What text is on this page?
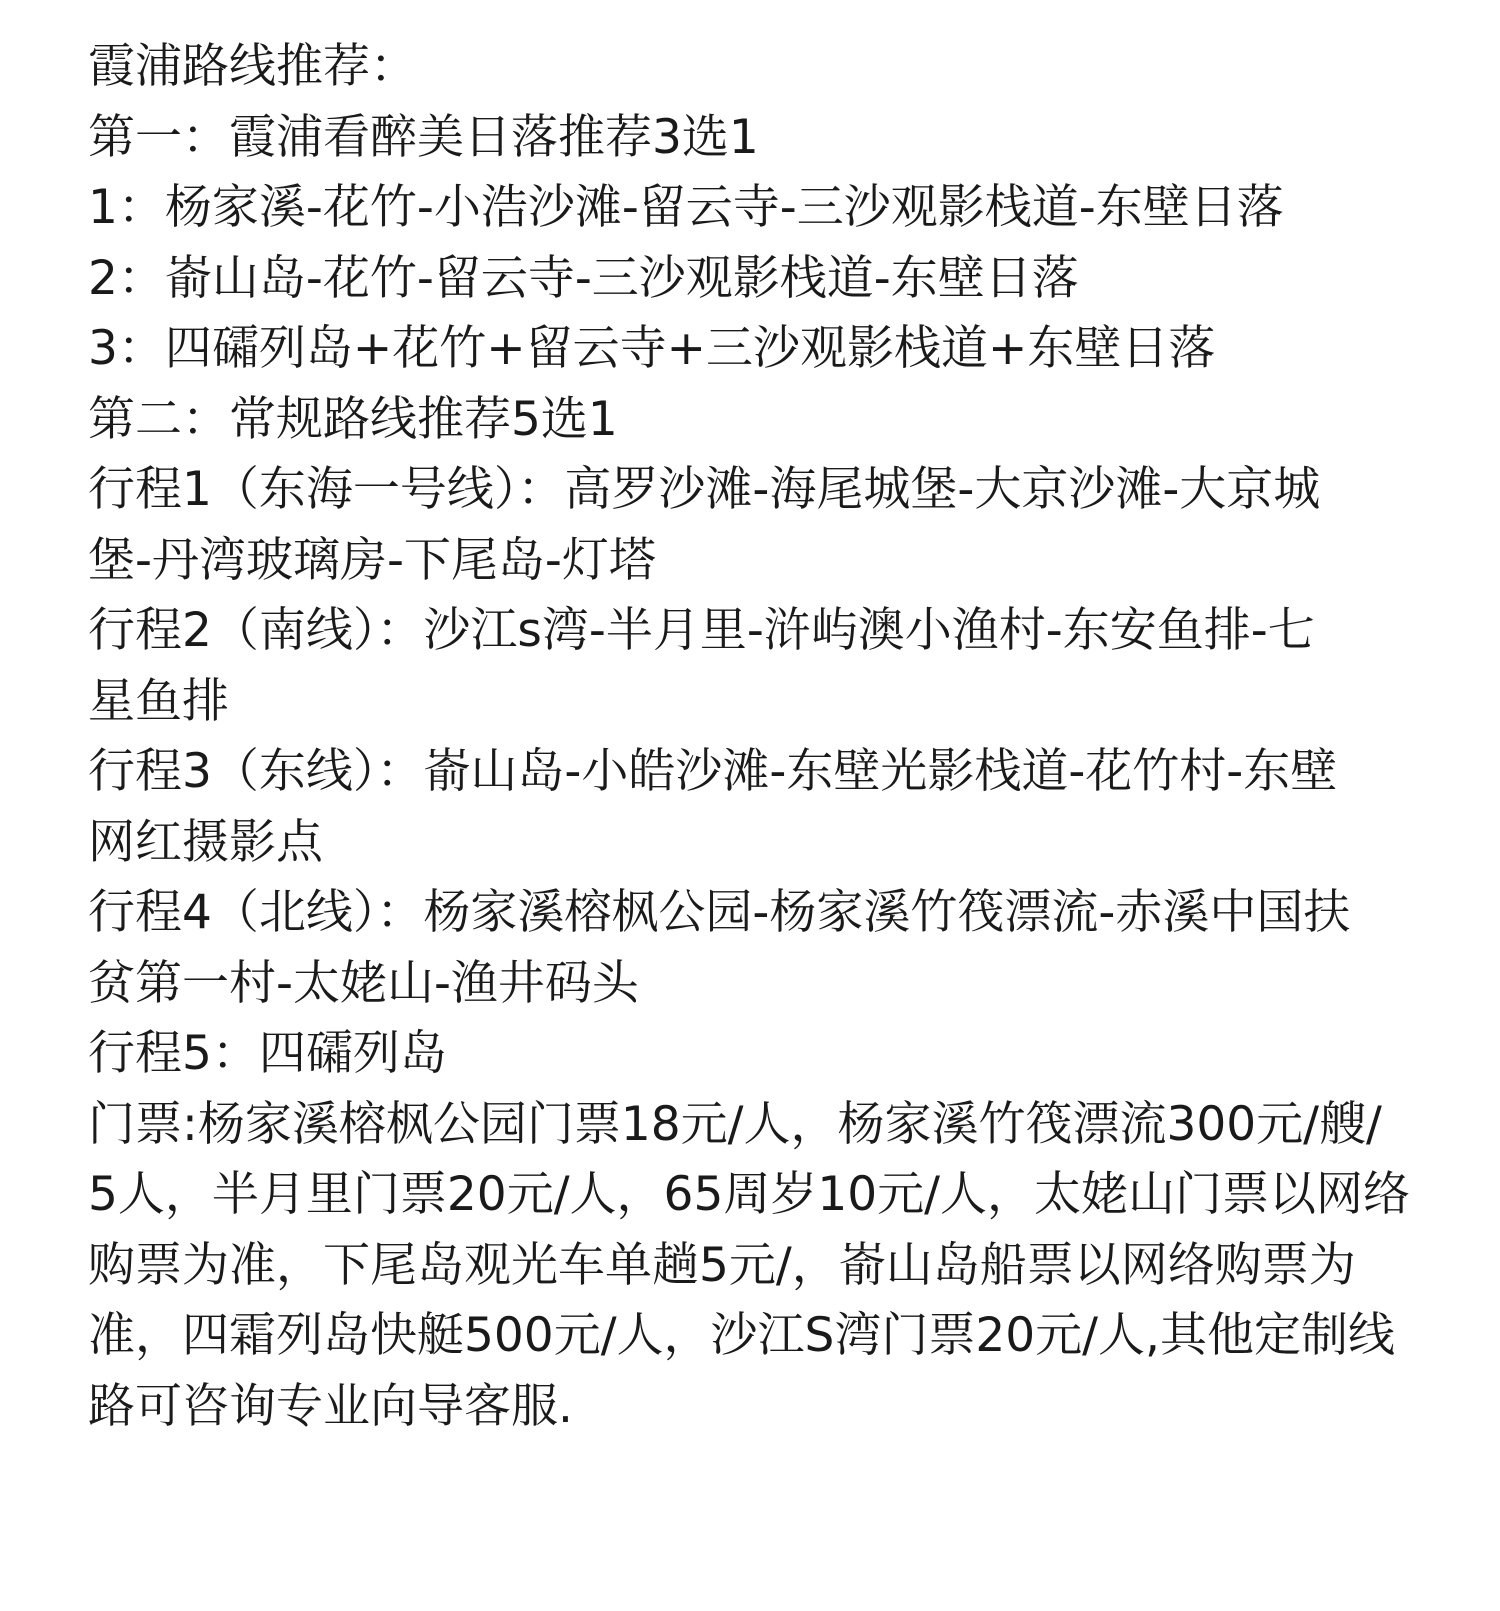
霞浦路线推荐：
第一：霞浦看醉美日落推荐3选1
1：杨家溪-花竹-小浩沙滩-留云寺-三沙观影栈道-东壁日落
2：嵛山岛-花竹-留云寺-三沙观影栈道-东壁日落
3：四礵列岛+花竹+留云寺+三沙观影栈道+东壁日落
第二：常规路线推荐5选1
行程1（东海一号线）：高罗沙滩-海尾城堡-大京沙滩-大京城
堡-丹湾玻璃房-下尾岛-灯塔
行程2（南线）：沙江s湾-半月里-浒屿澳小渔村-东安鱼排-七
星鱼排
行程3（东线）：嵛山岛-小皓沙滩-东壁光影栈道-花竹村-东壁
网红摄影点
行程4（北线）：杨家溪榕枫公园-杨家溪竹筏漂流-赤溪中国扶
贫第一村-太姥山-渔井码头
行程5：四礵列岛
门票:杨家溪榕枫公园门票18元/人，杨家溪竹筏漂流300元/艘/
5人，半月里门票20元/人，65周岁10元/人，太姥山门票以网络
购票为准，下尾岛观光车单趟5元/，嵛山岛船票以网络购票为
准，四霜列岛快艇500元/人，沙江S湾门票20元/人,其他定制线
路可咨询专业向导客服.
